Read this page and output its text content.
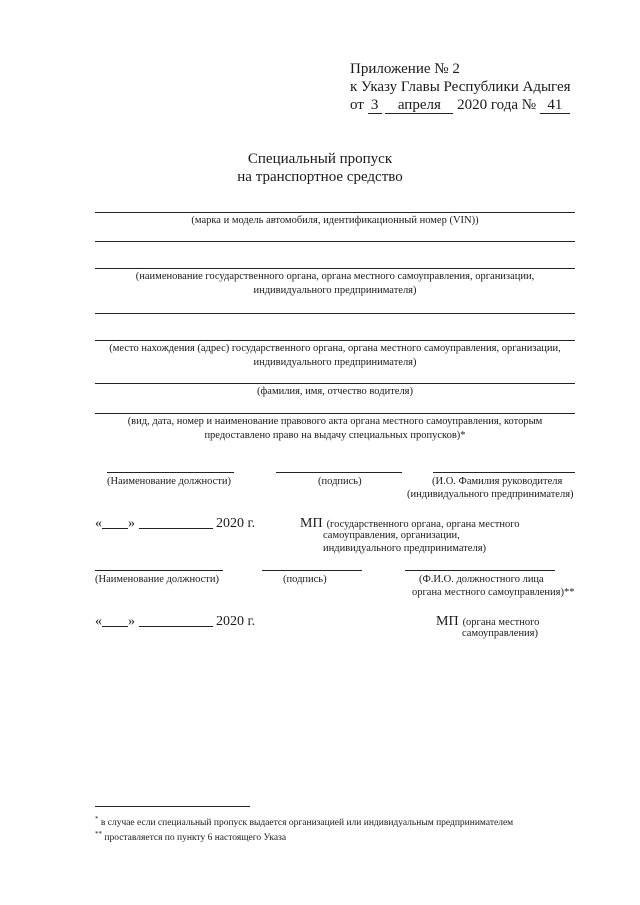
Приложение № 2
к Указу Главы Республики Адыгея
от 3 апреля 2020 года № 41
Специальный пропуск
на транспортное средство
(марка и модель автомобиля, идентификационный номер (VIN))
(наименование государственного органа, органа местного самоуправления, организации, индивидуального предпринимателя)
(место нахождения (адрес) государственного органа, органа местного самоуправления, организации, индивидуального предпринимателя)
(фамилия, имя, отчество водителя)
(вид, дата, номер и наименование правового акта органа местного самоуправления, которым предоставлено право на выдачу специальных пропусков)*
(Наименование должности)	(подпись)	(И.О. Фамилия руководителя
(индивидуального предпринимателя)
« »	2020 г.	МП (государственного органа, органа местного
самоуправления, организации,
индивидуального предпринимателя)
(Наименование должности)	(подпись)	(Ф.И.О. должностного лица
органа местного самоуправления)**
« »	2020 г.	МП (органа местного
самоуправления)
* в случае если специальный пропуск выдается организацией или индивидуальным предпринимателем
** проставляется по пункту 6 настоящего Указа
